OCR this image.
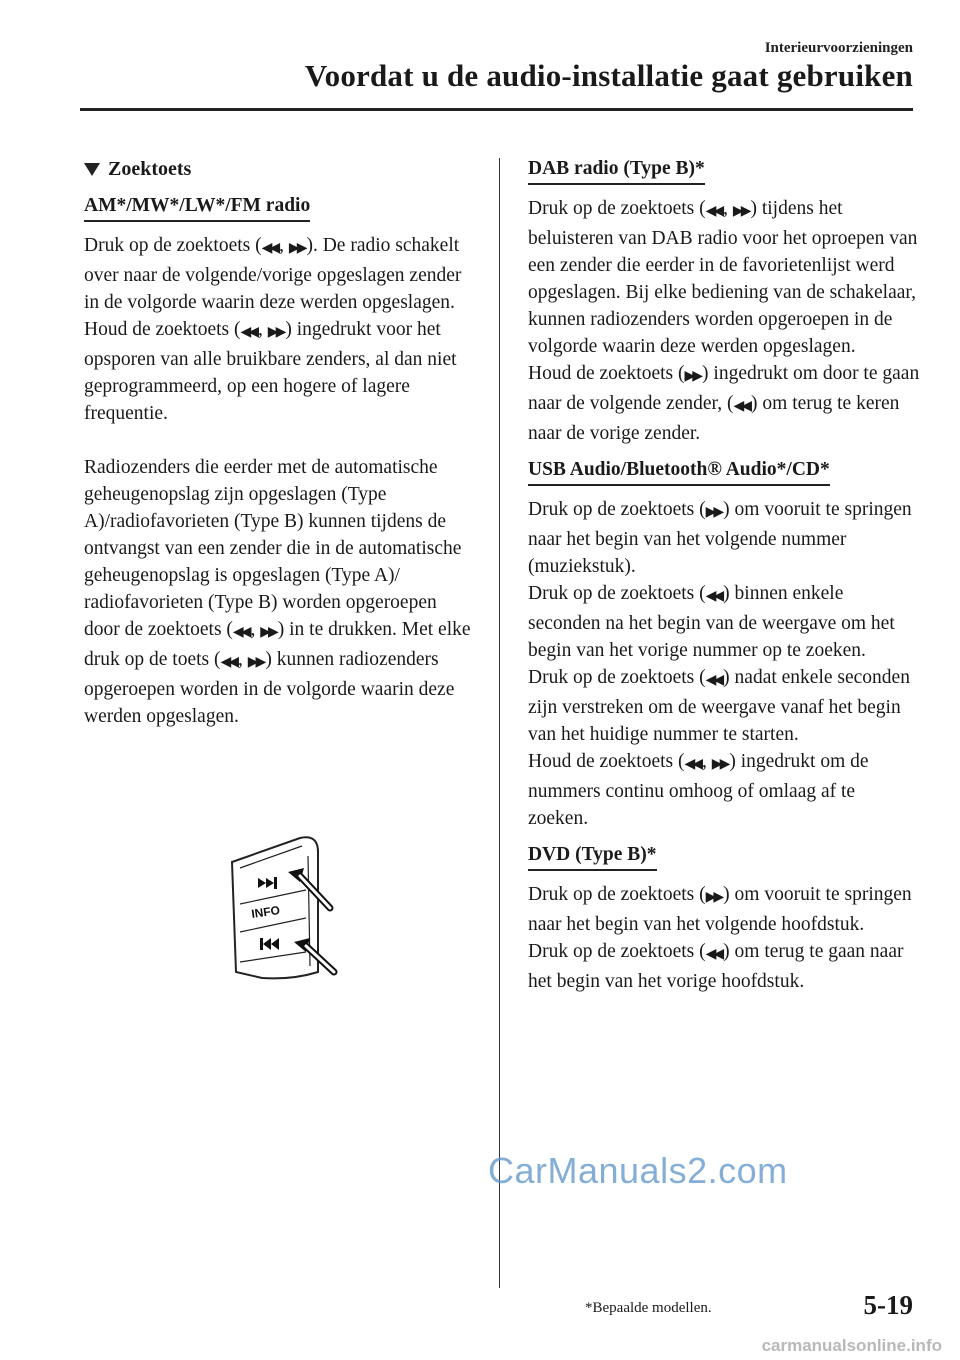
Interieurvoorzieningen
Voordat u de audio-installatie gaat gebruiken
Zoektoets
AM*/MW*/LW*/FM radio

Druk op de zoektoets (◀◀ , ▶▶ ). De radio schakelt over naar de volgende/vorige opgeslagen zender in de volgorde waarin deze werden opgeslagen.

Houd de zoektoets (◀◀ , ▶▶ ) ingedrukt voor het opsporen van alle bruikbare zenders, al dan niet geprogrammeerd, op een hogere of lagere frequentie.

Radiozenders die eerder met de automatische geheugenopslag zijn opgeslagen (Type A)/radiofavorieten (Type B) kunnen tijdens de ontvangst van een zender die in de automatische geheugenopslag is opgeslagen (Type A)/ radiofavorieten (Type B) worden opgeroepen door de zoektoets (◀◀ , ▶▶ ) in te drukken. Met elke druk op de toets (◀◀ , ▶▶ ) kunnen radiozenders opgeroepen worden in de volgorde waarin deze werden opgeslagen.

INFO
DAB radio (Type B)*

Druk op de zoektoets (◀◀ , ▶▶ ) tijdens het beluisteren van DAB radio voor het oproepen van een zender die eerder in de favorietenlijst werd opgeslagen. Bij elke bediening van de schakelaar, kunnen radiozenders worden opgeroepen in de volgorde waarin deze werden opgeslagen.

Houd de zoektoets (▶▶ ) ingedrukt om door te gaan naar de volgende zender, (◀◀ ) om terug te keren naar de vorige zender.

USB Audio/Bluetooth® Audio*/CD*

Druk op de zoektoets (▶▶ ) om vooruit te springen naar het begin van het volgende nummer (muziekstuk).

Druk op de zoektoets (◀◀ ) binnen enkele seconden na het begin van de weergave om het begin van het vorige nummer op te zoeken.

Druk op de zoektoets (◀◀ ) nadat enkele seconden zijn verstreken om de weergave vanaf het begin van het huidige nummer te starten.

Houd de zoektoets (◀◀ , ▶▶ ) ingedrukt om de nummers continu omhoog of omlaag af te zoeken.

DVD (Type B)*

Druk op de zoektoets (▶▶ ) om vooruit te springen naar het begin van het volgende hoofdstuk.

Druk op de zoektoets (◀◀ ) om terug te gaan naar het begin van het vorige hoofdstuk.

CarManuals2.com
*Bepaalde modellen.	5-19
carmanualsonline.info
